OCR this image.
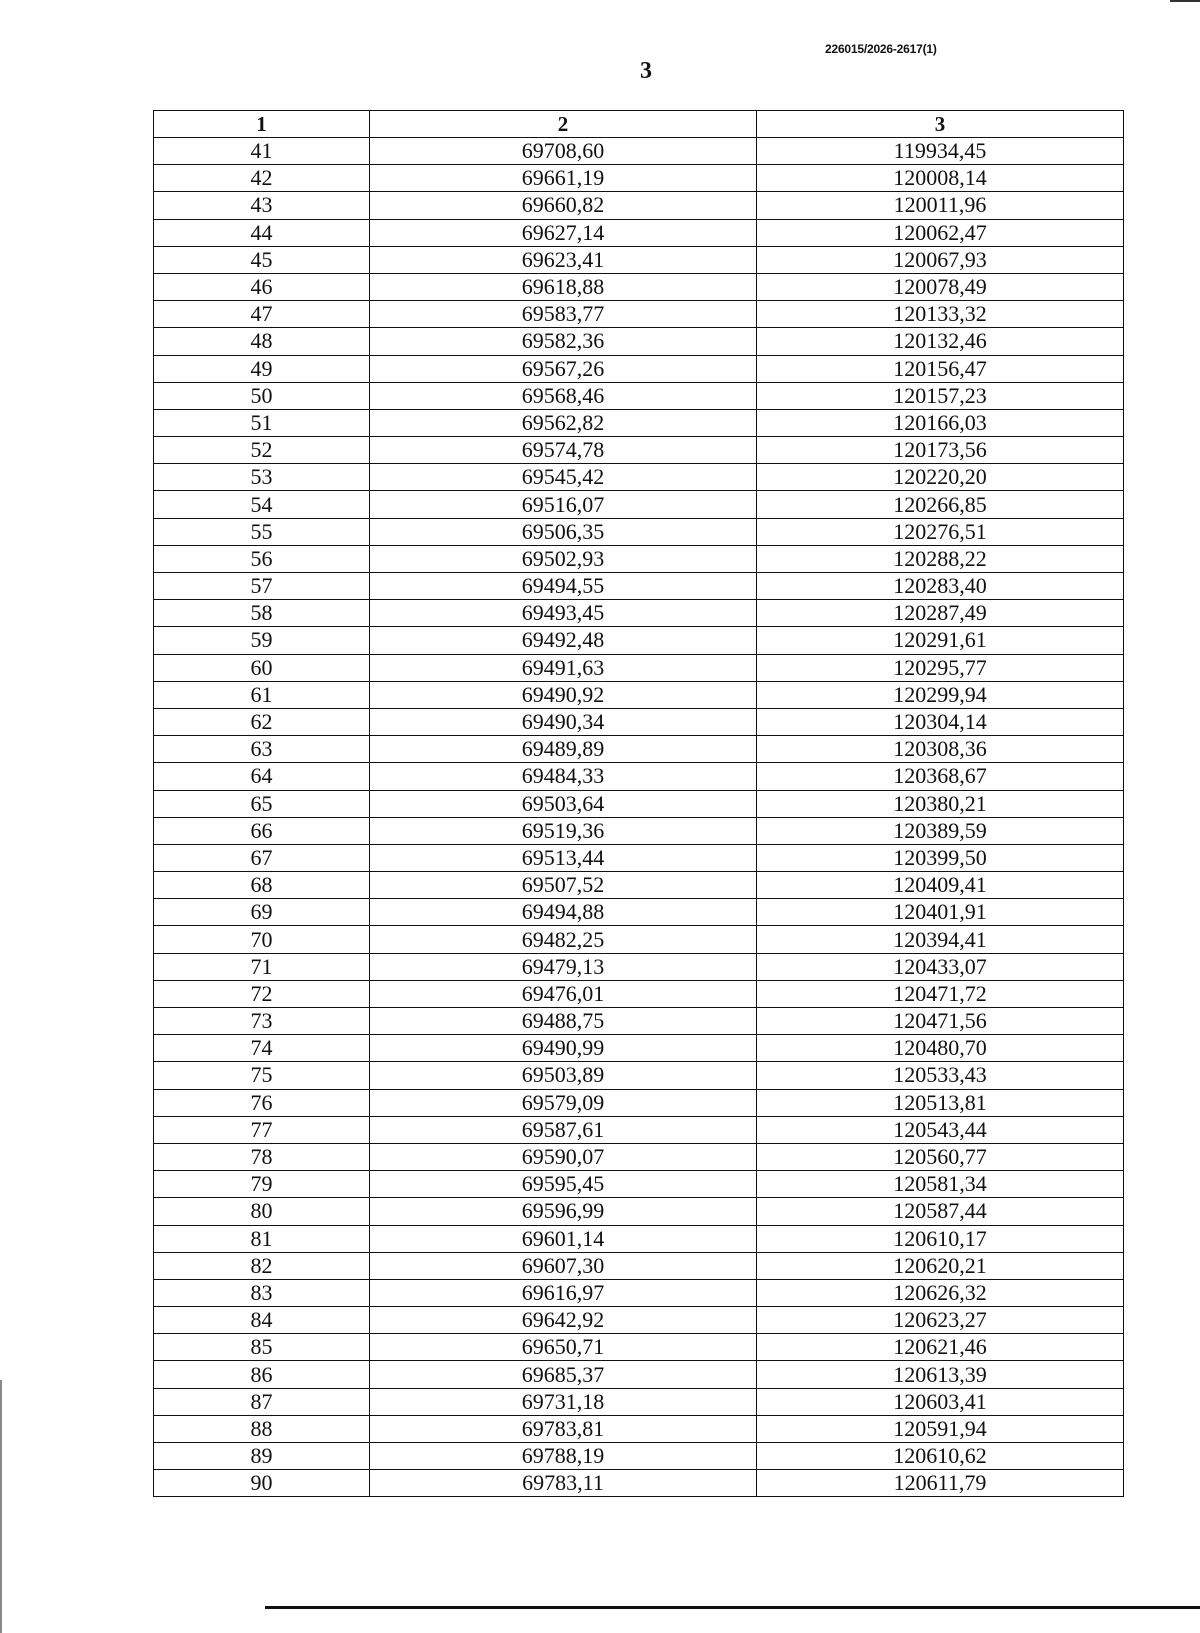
226015/2026-2617(1)
3
1	2	3
41	69708,60	119934,45
42	69661,19	120008,14
43	69660,82	120011,96
44	69627,14	120062,47
45	69623,41	120067,93
46	69618,88	120078,49
47	69583,77	120133,32
48	69582,36	120132,46
49	69567,26	120156,47
50	69568,46	120157,23
51	69562,82	120166,03
52	69574,78	120173,56
53	69545,42	120220,20
54	69516,07	120266,85
55	69506,35	120276,51
56	69502,93	120288,22
57	69494,55	120283,40
58	69493,45	120287,49
59	69492,48	120291,61
60	69491,63	120295,77
61	69490,92	120299,94
62	69490,34	120304,14
63	69489,89	120308,36
64	69484,33	120368,67
65	69503,64	120380,21
66	69519,36	120389,59
67	69513,44	120399,50
68	69507,52	120409,41
69	69494,88	120401,91
70	69482,25	120394,41
71	69479,13	120433,07
72	69476,01	120471,72
73	69488,75	120471,56
74	69490,99	120480,70
75	69503,89	120533,43
76	69579,09	120513,81
77	69587,61	120543,44
78	69590,07	120560,77
79	69595,45	120581,34
80	69596,99	120587,44
81	69601,14	120610,17
82	69607,30	120620,21
83	69616,97	120626,32
84	69642,92	120623,27
85	69650,71	120621,46
86	69685,37	120613,39
87	69731,18	120603,41
88	69783,81	120591,94
89	69788,19	120610,62
90	69783,11	120611,79
